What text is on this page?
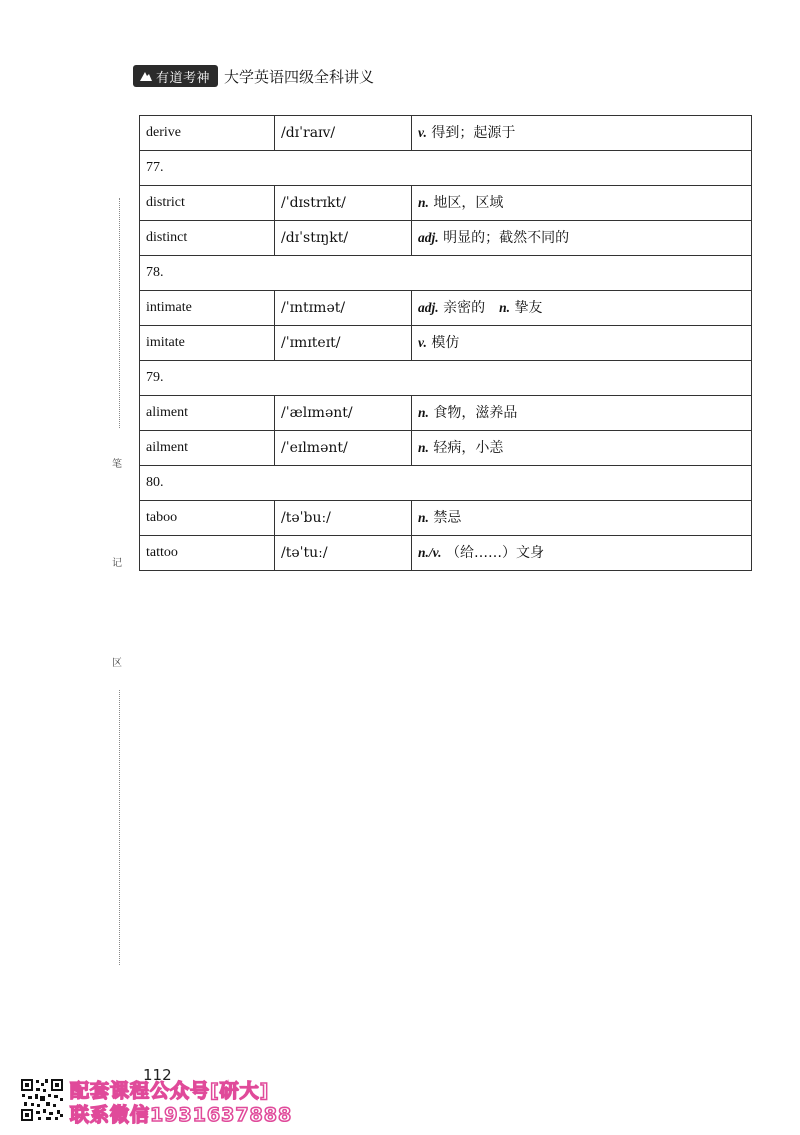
有道考神 大学英语四级全科讲义
笔
记
区
derive	/dɪˈraɪv/	v. 得到；起源于
77.		
district	/ˈdɪstrɪkt/	n. 地区，区域
distinct	/dɪˈstɪŋkt/	adj. 明显的；截然不同的
78.		
intimate	/ˈɪntɪmət/	adj. 亲密的 n. 挚友
imitate	/ˈɪmɪteɪt/	v. 模仿
79.		
aliment	/ˈælɪmənt/	n. 食物，滋养品
ailment	/ˈeɪlmənt/	n. 轻病，小恙
80.		
taboo	/təˈbuː/	n. 禁忌
tattoo	/təˈtuː/	n./v. （给……）文身
112
配套课程公众号[研大]
联系微信1931637888
